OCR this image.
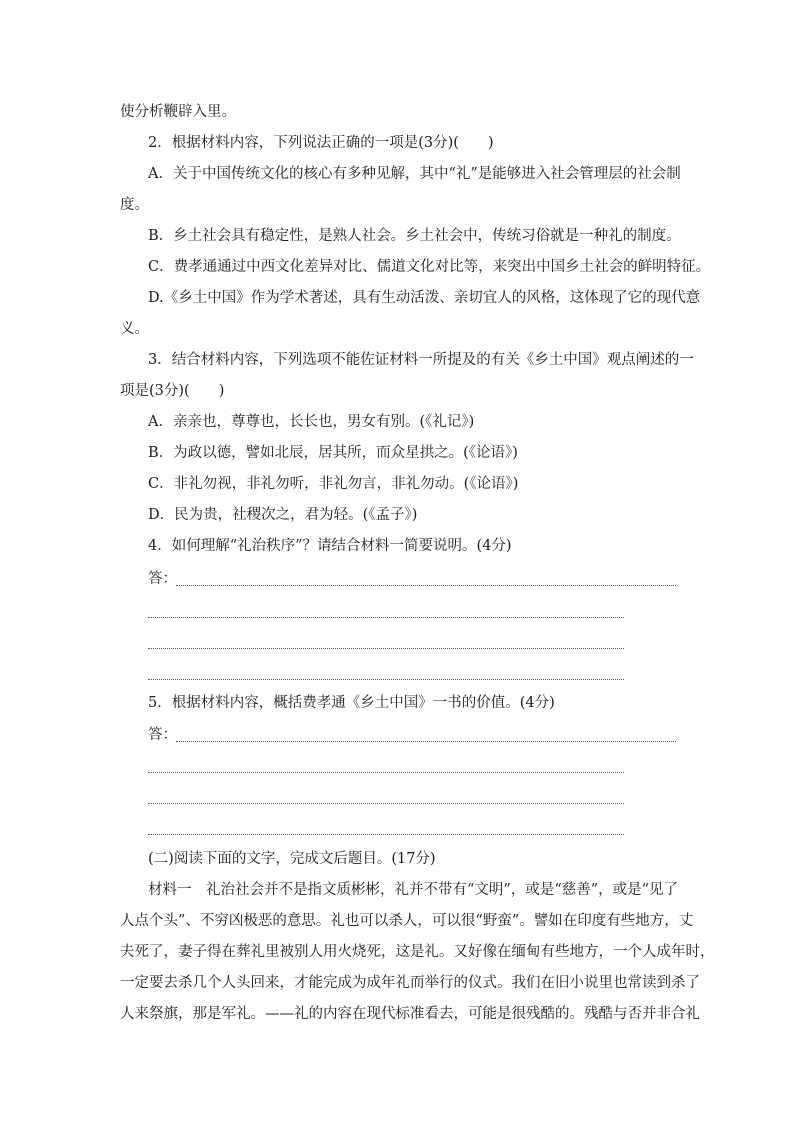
使分析鞭辟入里。
2．根据材料内容，下列说法正确的一项是(3分)(　　)
A．关于中国传统文化的核心有多种见解，其中“礼”是能够进入社会管理层的社会制
度。
B．乡土社会具有稳定性，是熟人社会。乡土社会中，传统习俗就是一种礼的制度。
C．费孝通通过中西文化差异对比、儒道文化对比等，来突出中国乡土社会的鲜明特征。
D.《乡土中国》作为学术著述，具有生动活泼、亲切宜人的风格，这体现了它的现代意
义。
3．结合材料内容，下列选项不能佐证材料一所提及的有关《乡土中国》观点阐述的一
项是(3分)(　　)
A．亲亲也，尊尊也，长长也，男女有别。(《礼记》)
B．为政以德，譬如北辰，居其所，而众星拱之。(《论语》)
C．非礼勿视，非礼勿听，非礼勿言，非礼勿动。(《论语》)
D．民为贵，社稷次之，君为轻。(《孟子》)
4．如何理解“礼治秩序”？请结合材料一简要说明。(4分)
答：
5．根据材料内容，概括费孝通《乡土中国》一书的价值。(4分)
答：
(二)阅读下面的文字，完成文后题目。(17分)
材料一　礼治社会并不是指文质彬彬，礼并不带有“文明”，或是“慈善”，或是“见了
人点个头”、不穷凶极恶的意思。礼也可以杀人，可以很“野蛮”。譬如在印度有些地方，丈
夫死了，妻子得在葬礼里被别人用火烧死，这是礼。又好像在缅甸有些地方，一个人成年时，
一定要去杀几个人头回来，才能完成为成年礼而举行的仪式。我们在旧小说里也常读到杀了
人来祭旗，那是军礼。——礼的内容在现代标准看去，可能是很残酷的。残酷与否并非合礼
